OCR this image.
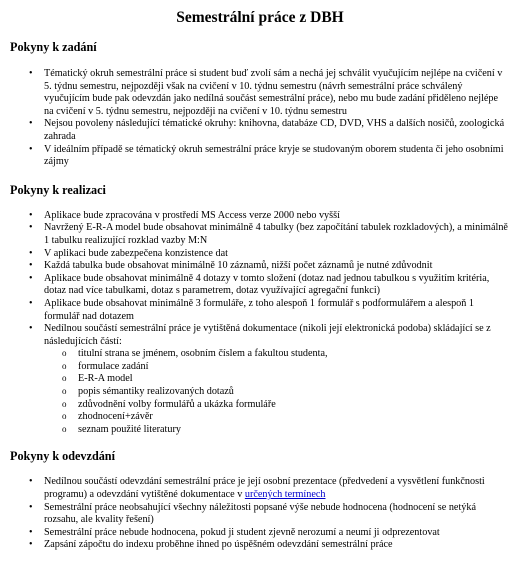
Semestrální práce z DBH
Pokyny k zadání
• Tématický okruh semestrální práce si student buď zvolí sám a nechá jej schválit vyučujícím nejlépe na cvičení v 5. týdnu semestru, nejpozději však na cvičení v 10. týdnu semestru (návrh semestrální práce schválený vyučujícím bude pak odevzdán jako nedílná součást semestrální práce), nebo mu bude zadání přiděleno nejlépe na cvičení v 5. týdnu semestru, nejpozději na cvičení v 10. týdnu semestru
• Nejsou povoleny následující tématické okruhy: knihovna, databáze CD, DVD, VHS a dalších nosičů, zoologická zahrada
• V ideálním případě se tématický okruh semestrální práce kryje se studovaným oborem studenta či jeho osobními zájmy
Pokyny k realizaci
• Aplikace bude zpracována v prostředí MS Access verze 2000 nebo vyšší
• Navržený E-R-A model bude obsahovat minimálně 4 tabulky (bez započítání tabulek rozkladových), a minimálně 1 tabulku realizující rozklad vazby M:N
• V aplikaci bude zabezpečena konzistence dat
• Každá tabulka bude obsahovat minimálně 10 záznamů, nižší počet záznamů je nutné zdůvodnit
• Aplikace bude obsahovat minimálně 4 dotazy v tomto složení (dotaz nad jednou tabulkou s využitím kritéria, dotaz nad více tabulkami, dotaz s parametrem, dotaz využívající agregační funkci)
• Aplikace bude obsahovat minimálně 3 formuláře, z toho alespoň 1 formulář s podformulářem a alespoň 1 formulář nad dotazem
• Nedílnou součástí semestrální práce je vytištěná dokumentace (nikoli její elektronická podoba) skládající se z následujících částí:
o titulní strana se jménem, osobním číslem a fakultou studenta,
o formulace zadání
o E-R-A model
o popis sémantiky realizovaných dotazů
o zdůvodnění volby formulářů a ukázka formuláře
o zhodnocení+závěr
o seznam použité literatury
Pokyny k odevzdání
• Nedílnou součástí odevzdání semestrální práce je její osobní prezentace (předvedení a vysvětlení funkčnosti programu) a odevzdání vytištěné dokumentace v určených termínech
• Semestrální práce neobsahující všechny náležitosti popsané výše nebude hodnocena (hodnocení se netýká rozsahu, ale kvality řešení)
• Semestrální práce nebude hodnocena, pokud ji student zjevně nerozumí a neumí ji odprezentovat
• Zapsání zápočtu do indexu proběhne ihned po úspěšném odevzdání semestrální práce
